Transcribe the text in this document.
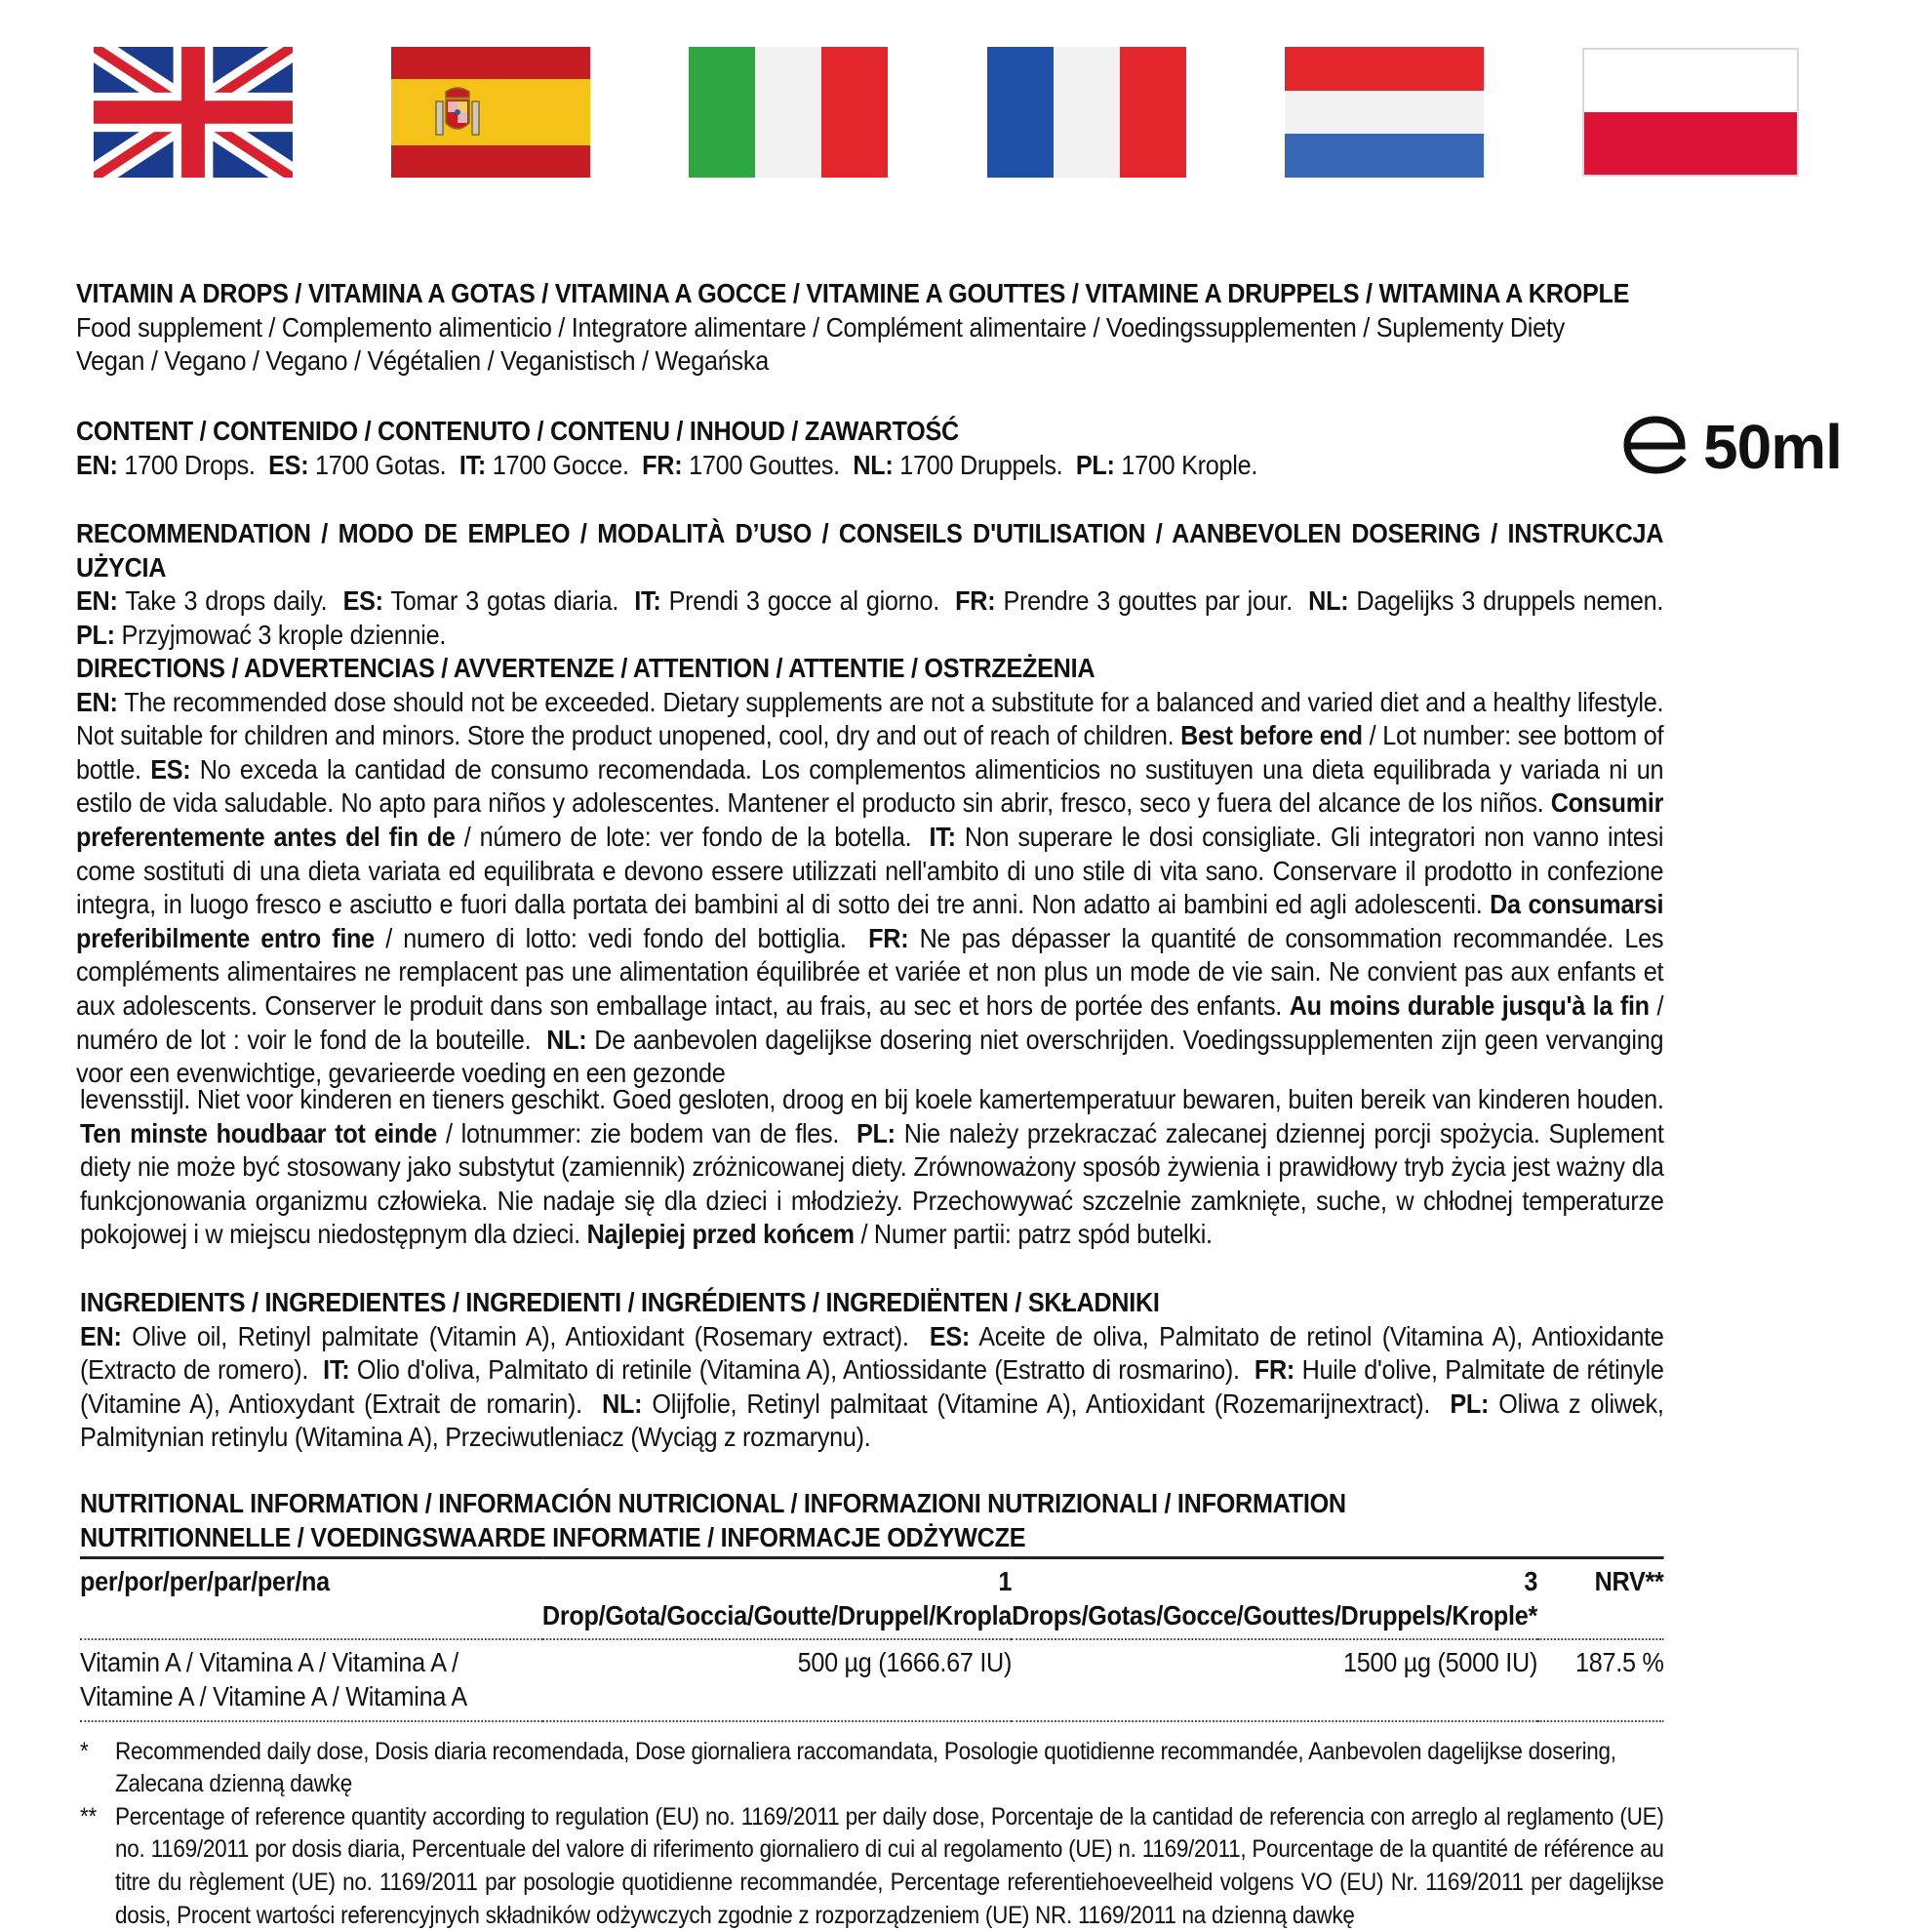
VITAMIN A DROPS / VITAMINA A GOTAS / VITAMINA A GOCCE / VITAMINE A GOUTTES / VITAMINE A DRUPPELS / WITAMINA A KROPLE

Food supplement / Complemento alimenticio / Integratore alimentare / Complément alimentaire / Voedingssupplementen / Suplementy Diety

Vegan / Vegano / Vegano / Végétalien / Veganistisch / Wegańska

CONTENT / CONTENIDO / CONTENUTO / CONTENU / INHOUD / ZAWARTOŚĆ

EN: 1700 Drops. ES: 1700 Gotas. IT: 1700 Gocce. FR: 1700 Gouttes. NL: 1700 Druppels. PL: 1700 Krople.	50ml

RECOMMENDATION / MODO DE EMPLEO / MODALITÀ D’USO / CONSEILS D'UTILISATION / AANBEVOLEN DOSERING / INSTRUKCJA UŻYCIA

EN: Take 3 drops daily. ES: Tomar 3 gotas diaria. IT: Prendi 3 gocce al giorno. FR: Prendre 3 gouttes par jour. NL: Dagelijks 3 druppels nemen. PL: Przyjmować 3 krople dziennie.

DIRECTIONS / ADVERTENCIAS / AVVERTENZE / ATTENTION / ATTENTIE / OSTRZEŻENIA

EN: The recommended dose should not be exceeded. Dietary supplements are not a substitute for a balanced and varied diet and a healthy lifestyle. Not suitable for children and minors. Store the product unopened, cool, dry and out of reach of children. Best before end / Lot number: see bottom of bottle. ES: No exceda la cantidad de consumo recomendada. Los complementos alimenticios no sustituyen una dieta equilibrada y variada ni un estilo de vida saludable. No apto para niños y adolescentes. Mantener el producto sin abrir, fresco, seco y fuera del alcance de los niños. Consumir preferentemente antes del fin de / número de lote: ver fondo de la botella. IT: Non superare le dosi consigliate. Gli integratori non vanno intesi come sostituti di una dieta variata ed equilibrata e devono essere utilizzati nell'ambito di uno stile di vita sano. Conservare il prodotto in confezione integra, in luogo fresco e asciutto e fuori dalla portata dei bambini al di sotto dei tre anni. Non adatto ai bambini ed agli adolescenti. Da consumarsi preferibilmente entro fine / numero di lotto: vedi fondo del bottiglia. FR: Ne pas dépasser la quantité de consommation recommandée. Les compléments alimentaires ne remplacent pas une alimentation équilibrée et variée et non plus un mode de vie sain. Ne convient pas aux enfants et aux adolescents. Conserver le produit dans son emballage intact, au frais, au sec et hors de portée des enfants. Au moins durable jusqu'à la fin / numéro de lot : voir le fond de la bouteille. NL: De aanbevolen dagelijkse dosering niet overschrijden. Voedingssupplementen zijn geen vervanging voor een evenwichtige, gevarieerde voeding en een gezonde

levensstijl. Niet voor kinderen en tieners geschikt. Goed gesloten, droog en bij koele kamertemperatuur bewaren, buiten bereik van kinderen houden. Ten minste houdbaar tot einde / lotnummer: zie bodem van de fles. PL: Nie należy przekraczać zalecanej dziennej porcji spożycia. Suplement diety nie może być stosowany jako substytut (zamiennik) zróżnicowanej diety. Zrównoważony sposób żywienia i prawidłowy tryb życia jest ważny dla funkcjonowania organizmu człowieka. Nie nadaje się dla dzieci i młodzieży. Przechowywać szczelnie zamknięte, suche, w chłodnej temperaturze pokojowej i w miejscu niedostępnym dla dzieci. Najlepiej przed końcem / Numer partii: patrz spód butelki.

INGREDIENTS / INGREDIENTES / INGREDIENTI / INGRÉDIENTS / INGREDIËNTEN / SKŁADNIKI

EN: Olive oil, Retinyl palmitate (Vitamin A), Antioxidant (Rosemary extract). ES: Aceite de oliva, Palmitato de retinol (Vitamina A), Antioxidante (Extracto de romero). IT: Olio d'oliva, Palmitato di retinile (Vitamina A), Antiossidante (Estratto di rosmarino). FR: Huile d'olive, Palmitate de rétinyle (Vitamine A), Antioxydant (Extrait de romarin). NL: Olijfolie, Retinyl palmitaat (Vitamine A), Antioxidant (Rozemarijnextract). PL: Oliwa z oliwek, Palmitynian retinylu (Witamina A), Przeciwutleniacz (Wyciąg z rozmarynu).

NUTRITIONAL INFORMATION / INFORMACIÓN NUTRICIONAL / INFORMAZIONI NUTRIZIONALI / INFORMATION NUTRITIONNELLE / VOEDINGSWAARDE INFORMATIE / INFORMACJE ODŻYWCZE

per/por/per/par/per/na	1 Drop/Gota/Goccia/Goutte/Druppel/Kropla	3 Drops/Gotas/Gocce/Gouttes/Druppels/Krople*	NRV**
Vitamin A / Vitamina A / Vitamina A / Vitamine A / Vitamine A / Witamina A	500 µg (1666.67 IU)	1500 µg (5000 IU)	187.5 %
*	Recommended daily dose, Dosis diaria recomendada, Dose giornaliera raccomandata, Posologie quotidienne recommandée, Aanbevolen dagelijkse dosering, Zalecana dzienną dawkę
** Percentage of reference quantity according to regulation (EU) no. 1169/2011 per daily dose, Porcentaje de la cantidad de referencia con arreglo al reglamento (UE) no. 1169/2011 por dosis diaria, Percentuale del valore di riferimento giornaliero di cui al regolamento (UE) n. 1169/2011, Pourcentage de la quantité de référence au titre du règlement (UE) no. 1169/2011 par posologie quotidienne recommandée, Percentage referentiehoeveelheid volgens VO (EU) Nr. 1169/2011 per dagelijkse dosis, Procent wartości referencyjnych składników odżywczych zgodnie z rozporządzeniem (UE) NR. 1169/2011 na dzienną dawkę
